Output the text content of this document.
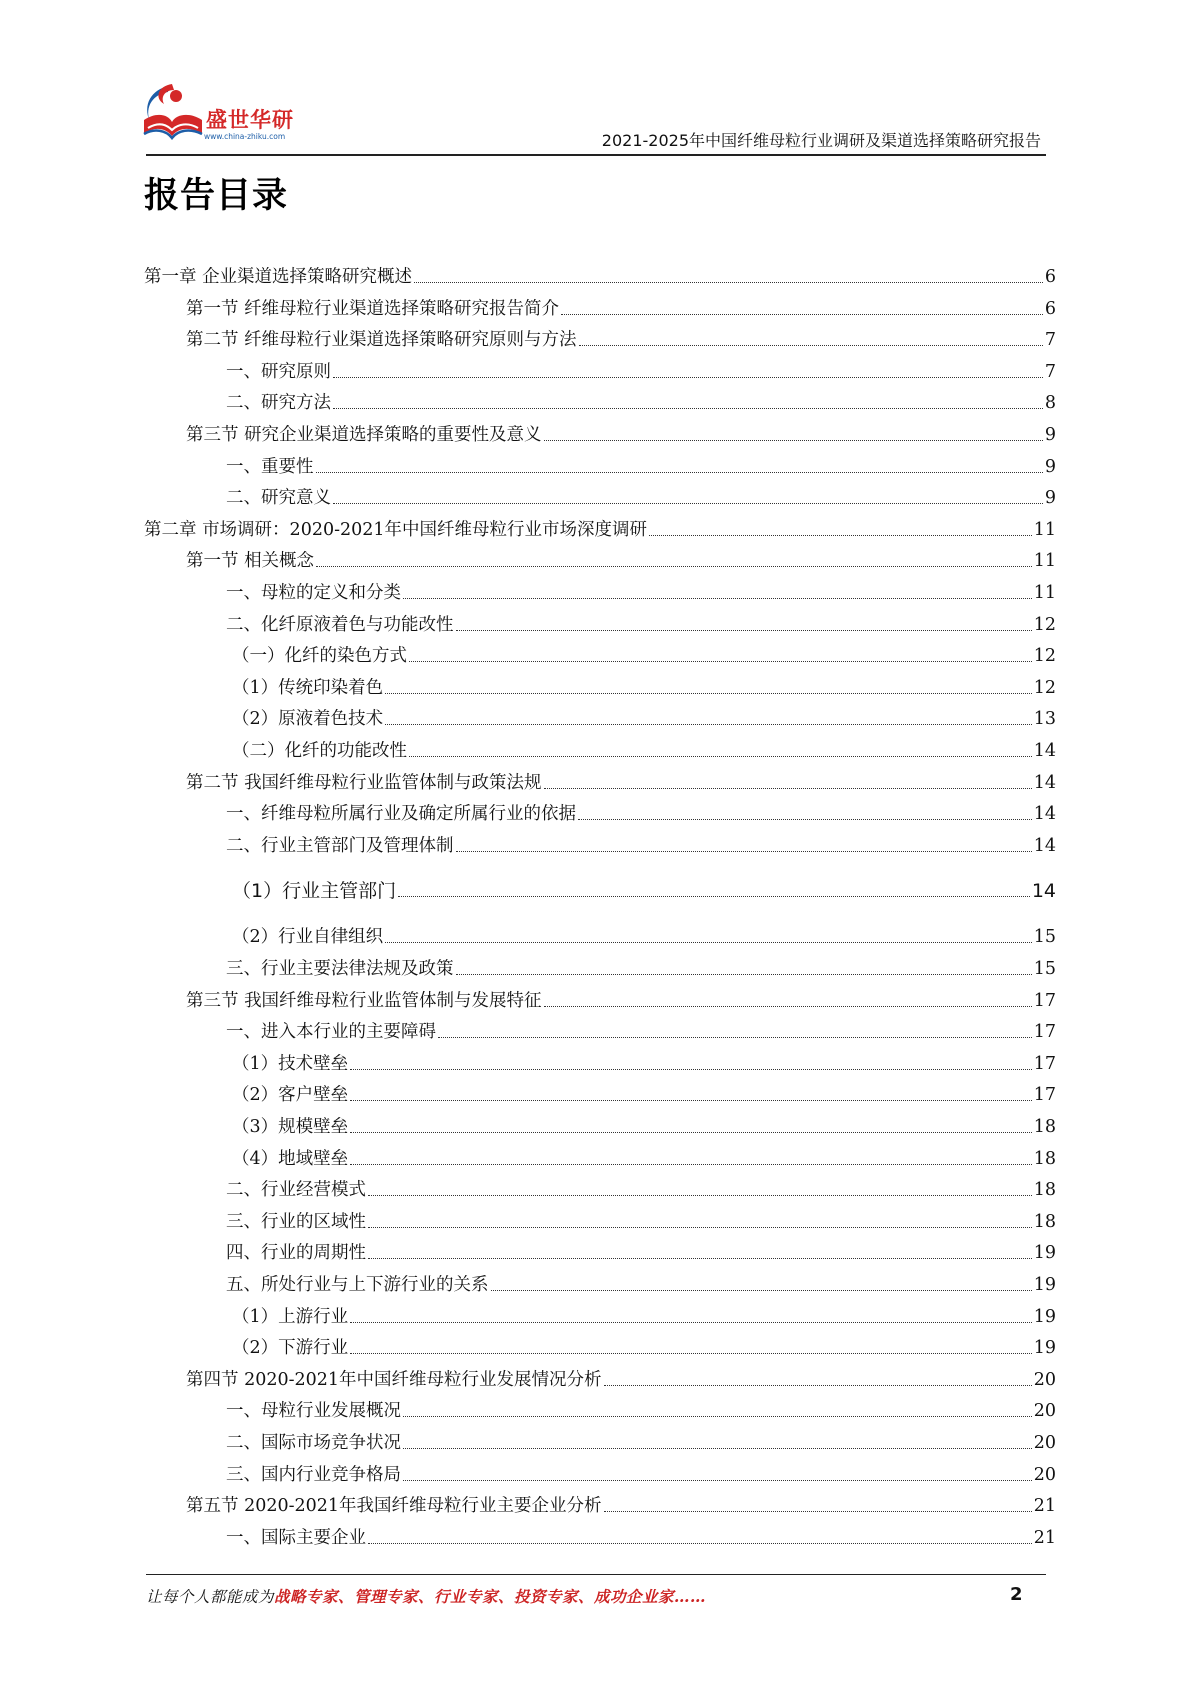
盛世华研
www.china-zhiku.com	2021-2025年中国纤维母粒行业调研及渠道选择策略研究报告
报告目录
第一章 企业渠道选择策略研究概述	6
第一节 纤维母粒行业渠道选择策略研究报告简介	6
第二节 纤维母粒行业渠道选择策略研究原则与方法	7
一、研究原则	7
二、研究方法	8
第三节 研究企业渠道选择策略的重要性及意义	9
一、重要性	9
二、研究意义	9
第二章 市场调研：2020-2021年中国纤维母粒行业市场深度调研	11
第一节 相关概念	11
一、母粒的定义和分类	11
二、化纤原液着色与功能改性	12
（一）化纤的染色方式	12
（1）传统印染着色	12
（2）原液着色技术	13
（二）化纤的功能改性	14
第二节 我国纤维母粒行业监管体制与政策法规	14
一、纤维母粒所属行业及确定所属行业的依据	14
二、行业主管部门及管理体制	14
（1）行业主管部门	14
（2）行业自律组织	15
三、行业主要法律法规及政策	15
第三节 我国纤维母粒行业监管体制与发展特征	17
一、进入本行业的主要障碍	17
（1）技术壁垒	17
（2）客户壁垒	17
（3）规模壁垒	18
（4）地域壁垒	18
二、行业经营模式	18
三、行业的区域性	18
四、行业的周期性	19
五、所处行业与上下游行业的关系	19
（1）上游行业	19
（2）下游行业	19
第四节 2020-2021年中国纤维母粒行业发展情况分析	20
一、母粒行业发展概况	20
二、国际市场竞争状况	20
三、国内行业竞争格局	20
第五节 2020-2021年我国纤维母粒行业主要企业分析	21
一、国际主要企业	21
让每个人都能成为战略专家、管理专家、行业专家、投资专家、成功企业家……	2
